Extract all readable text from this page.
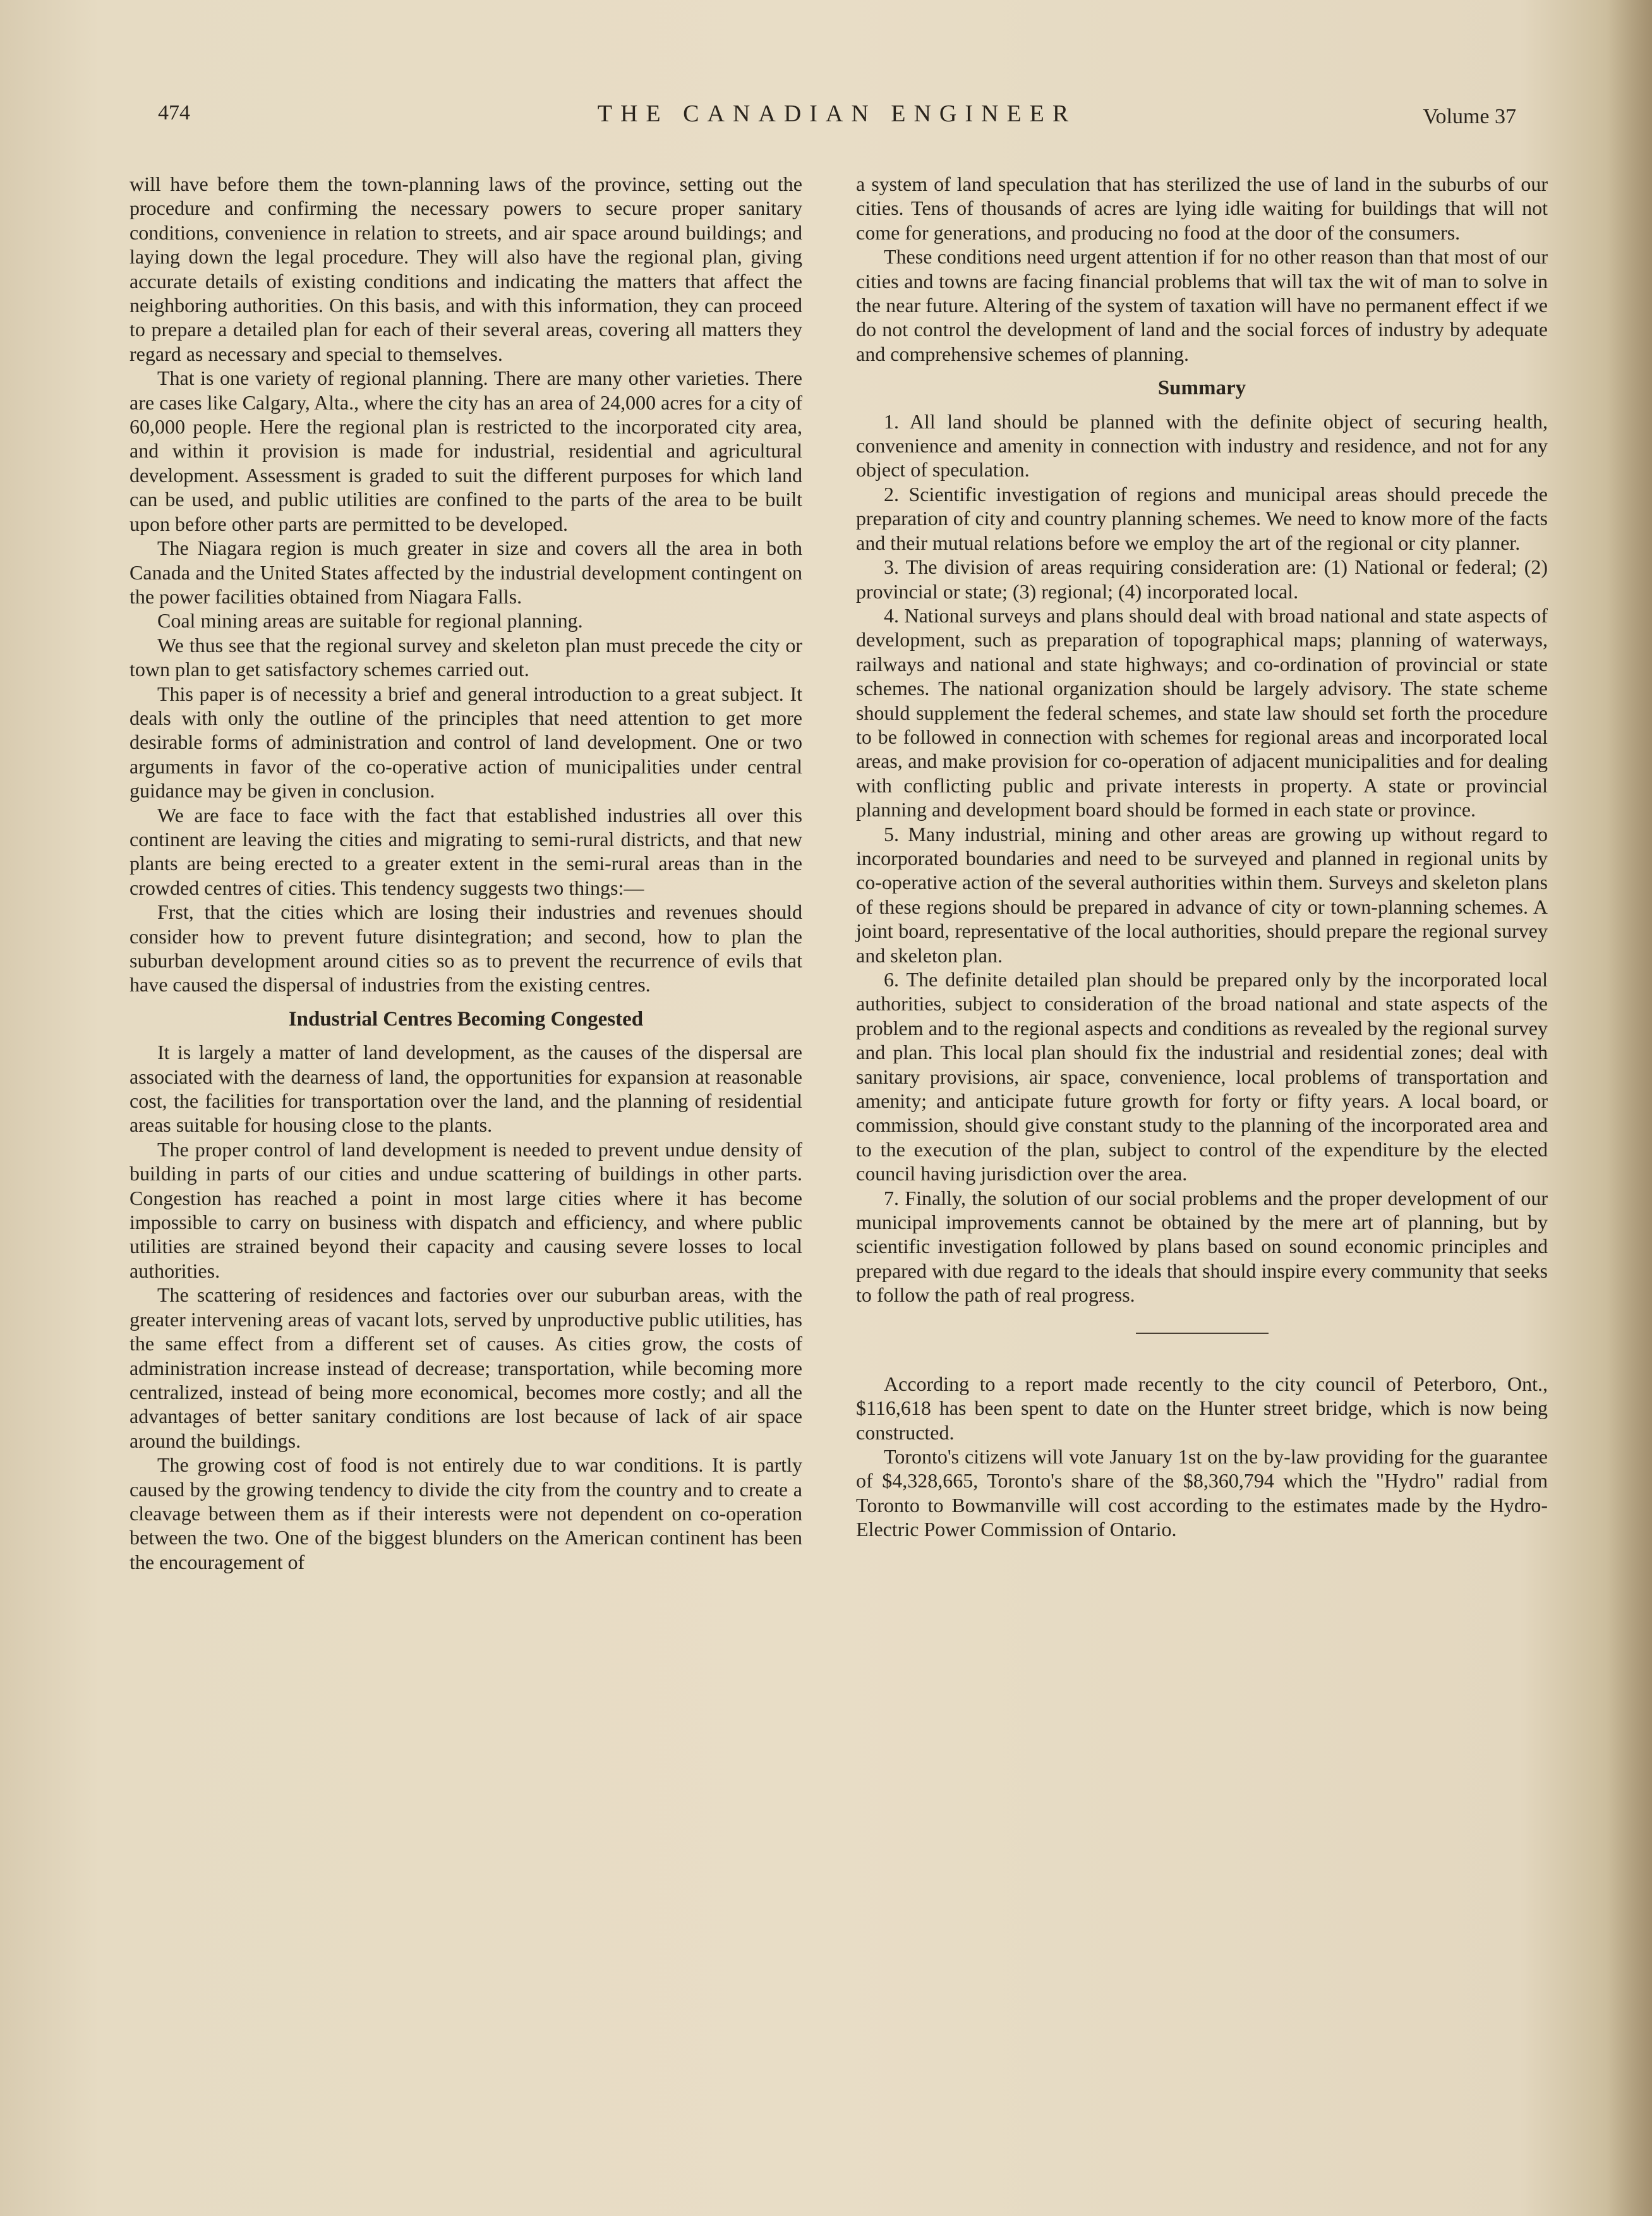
474	THE CANADIAN ENGINEER	Volume 37

will have before them the town-planning laws of the province, setting out the procedure and confirming the necessary powers to secure proper sanitary conditions, convenience in relation to streets, and air space around buildings; and laying down the legal procedure. They will also have the regional plan, giving accurate details of existing conditions and indicating the matters that affect the neighboring authorities. On this basis, and with this information, they can proceed to prepare a detailed plan for each of their several areas, covering all matters they regard as necessary and special to themselves.

That is one variety of regional planning. There are many other varieties. There are cases like Calgary, Alta., where the city has an area of 24,000 acres for a city of 60,000 people. Here the regional plan is restricted to the incorporated city area, and within it provision is made for industrial, residential and agricultural development. Assessment is graded to suit the different purposes for which land can be used, and public utilities are confined to the parts of the area to be built upon before other parts are permitted to be developed.

The Niagara region is much greater in size and covers all the area in both Canada and the United States affected by the industrial development contingent on the power facilities obtained from Niagara Falls.

Coal mining areas are suitable for regional planning.

We thus see that the regional survey and skeleton plan must precede the city or town plan to get satisfactory schemes carried out.

This paper is of necessity a brief and general introduction to a great subject. It deals with only the outline of the principles that need attention to get more desirable forms of administration and control of land development. One or two arguments in favor of the co-operative action of municipalities under central guidance may be given in conclusion.

We are face to face with the fact that established industries all over this continent are leaving the cities and migrating to semi-rural districts, and that new plants are being erected to a greater extent in the semi-rural areas than in the crowded centres of cities. This tendency suggests two things:—

Frst, that the cities which are losing their industries and revenues should consider how to prevent future disintegration; and second, how to plan the suburban development around cities so as to prevent the recurrence of evils that have caused the dispersal of industries from the existing centres.

Industrial Centres Becoming Congested

It is largely a matter of land development, as the causes of the dispersal are associated with the dearness of land, the opportunities for expansion at reasonable cost, the facilities for transportation over the land, and the planning of residential areas suitable for housing close to the plants.

The proper control of land development is needed to prevent undue density of building in parts of our cities and undue scattering of buildings in other parts. Congestion has reached a point in most large cities where it has become impossible to carry on business with dispatch and efficiency, and where public utilities are strained beyond their capacity and causing severe losses to local authorities.

The scattering of residences and factories over our suburban areas, with the greater intervening areas of vacant lots, served by unproductive public utilities, has the same effect from a different set of causes. As cities grow, the costs of administration increase instead of decrease; transportation, while becoming more centralized, instead of being more economical, becomes more costly; and all the advantages of better sanitary conditions are lost because of lack of air space around the buildings.

The growing cost of food is not entirely due to war conditions. It is partly caused by the growing tendency to divide the city from the country and to create a cleavage between them as if their interests were not dependent on co-operation between the two. One of the biggest blunders on the American continent has been the encouragement of

a system of land speculation that has sterilized the use of land in the suburbs of our cities. Tens of thousands of acres are lying idle waiting for buildings that will not come for generations, and producing no food at the door of the consumers.

These conditions need urgent attention if for no other reason than that most of our cities and towns are facing financial problems that will tax the wit of man to solve in the near future. Altering of the system of taxation will have no permanent effect if we do not control the development of land and the social forces of industry by adequate and comprehensive schemes of planning.

Summary

1. All land should be planned with the definite object of securing health, convenience and amenity in connection with industry and residence, and not for any object of speculation.

2. Scientific investigation of regions and municipal areas should precede the preparation of city and country planning schemes. We need to know more of the facts and their mutual relations before we employ the art of the regional or city planner.

3. The division of areas requiring consideration are: (1) National or federal; (2) provincial or state; (3) regional; (4) incorporated local.

4. National surveys and plans should deal with broad national and state aspects of development, such as preparation of topographical maps; planning of waterways, railways and national and state highways; and co-ordination of provincial or state schemes. The national organization should be largely advisory. The state scheme should supplement the federal schemes, and state law should set forth the procedure to be followed in connection with schemes for regional areas and incorporated local areas, and make provision for co-operation of adjacent municipalities and for dealing with conflicting public and private interests in property. A state or provincial planning and development board should be formed in each state or province.

5. Many industrial, mining and other areas are growing up without regard to incorporated boundaries and need to be surveyed and planned in regional units by co-operative action of the several authorities within them. Surveys and skeleton plans of these regions should be prepared in advance of city or town-planning schemes. A joint board, representative of the local authorities, should prepare the regional survey and skeleton plan.

6. The definite detailed plan should be prepared only by the incorporated local authorities, subject to consideration of the broad national and state aspects of the problem and to the regional aspects and conditions as revealed by the regional survey and plan. This local plan should fix the industrial and residential zones; deal with sanitary provisions, air space, convenience, local problems of transportation and amenity; and anticipate future growth for forty or fifty years. A local board, or commission, should give constant study to the planning of the incorporated area and to the execution of the plan, subject to control of the expenditure by the elected council having jurisdiction over the area.

7. Finally, the solution of our social problems and the proper development of our municipal improvements cannot be obtained by the mere art of planning, but by scientific investigation followed by plans based on sound economic principles and prepared with due regard to the ideals that should inspire every community that seeks to follow the path of real progress.

According to a report made recently to the city council of Peterboro, Ont., $116,618 has been spent to date on the Hunter street bridge, which is now being constructed.

Toronto's citizens will vote January 1st on the by-law providing for the guarantee of $4,328,665, Toronto's share of the $8,360,794 which the "Hydro" radial from Toronto to Bowmanville will cost according to the estimates made by the Hydro-Electric Power Commission of Ontario.
